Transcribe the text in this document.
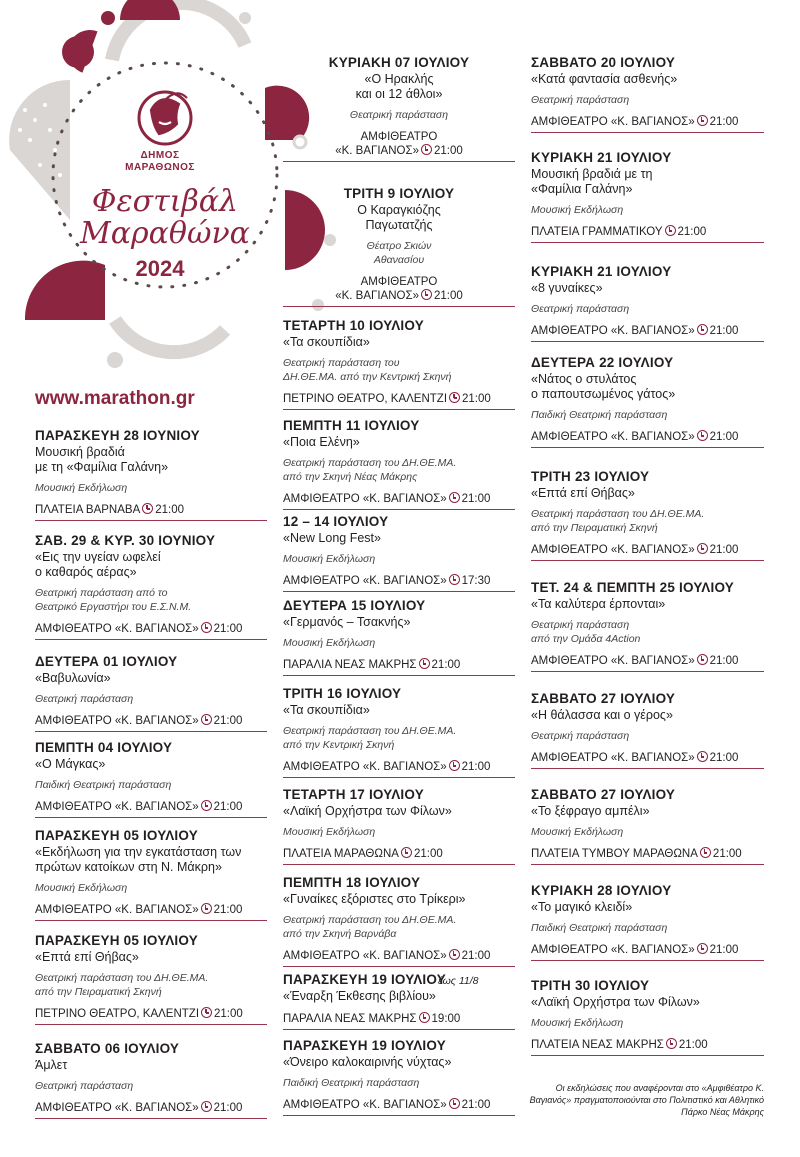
ΔΗΜΟΣ
ΜΑΡΑΘΩΝΟΣ
Φεστιβάλ
Μαραθώνα
2024
www.marathon.gr
ΠΑΡΑΣΚΕΥΗ 28 ΙΟΥΝΙΟΥ
Μουσική βραδιά
με τη «Φαμίλια Γαλάνη»
Μουσική Εκδήλωση
ΠΛΑΤΕΙΑ ΒΑΡΝΑΒΑ 21:00
ΣΑΒ. 29 & ΚΥΡ. 30 ΙΟΥΝΙΟΥ
«Εις την υγείαν ωφελεί
ο καθαρός αέρας»
Θεατρική παράσταση από το
Θεατρικό Εργαστήρι του Ε.Σ.Ν.Μ.
ΑΜΦΙΘΕΑΤΡΟ «Κ. ΒΑΓΙΑΝΟΣ» 21:00
ΔΕΥΤΕΡΑ 01 ΙΟΥΛΙΟΥ
«Βαβυλωνία»
Θεατρική παράσταση
ΑΜΦΙΘΕΑΤΡΟ «Κ. ΒΑΓΙΑΝΟΣ» 21:00
ΠΕΜΠΤΗ 04 ΙΟΥΛΙΟΥ
«Ο Μάγκας»
Παιδική Θεατρική παράσταση
ΑΜΦΙΘΕΑΤΡΟ «Κ. ΒΑΓΙΑΝΟΣ» 21:00
ΠΑΡΑΣΚΕΥΗ 05 ΙΟΥΛΙΟΥ
«Εκδήλωση για την εγκατάσταση των
πρώτων κατοίκων στη Ν. Μάκρη»
Μουσική Εκδήλωση
ΑΜΦΙΘΕΑΤΡΟ «Κ. ΒΑΓΙΑΝΟΣ» 21:00
ΠΑΡΑΣΚΕΥΗ 05 ΙΟΥΛΙΟΥ
«Επτά επί Θήβας»
Θεατρική παράσταση του ΔΗ.ΘΕ.ΜΑ.
από την Πειραματική Σκηνή
ΠΕΤΡΙΝΟ ΘΕΑΤΡΟ, ΚΑΛΕΝΤΖΙ 21:00
ΣΑΒΒΑΤΟ 06 ΙΟΥΛΙΟΥ
Άμλετ
Θεατρική παράσταση
ΑΜΦΙΘΕΑΤΡΟ «Κ. ΒΑΓΙΑΝΟΣ» 21:00
ΚΥΡΙΑΚΗ 07 ΙΟΥΛΙΟΥ
«Ο Ηρακλής
και οι 12 άθλοι»
Θεατρική παράσταση
ΑΜΦΙΘΕΑΤΡΟ
«Κ. ΒΑΓΙΑΝΟΣ» 21:00
ΤΡΙΤΗ 9 ΙΟΥΛΙΟΥ
Ο Καραγκιόζης
Παγωτατζής
Θέατρο Σκιών
Αθανασίου
ΑΜΦΙΘΕΑΤΡΟ
«Κ. ΒΑΓΙΑΝΟΣ» 21:00
ΤΕΤΑΡΤΗ 10 ΙΟΥΛΙΟΥ
«Τα σκουπίδια»
Θεατρική παράσταση του
ΔΗ.ΘΕ.ΜΑ. από την Κεντρική Σκηνή
ΠΕΤΡΙΝΟ ΘΕΑΤΡΟ, ΚΑΛΕΝΤΖΙ 21:00
ΠΕΜΠΤΗ 11 ΙΟΥΛΙΟΥ
«Ποια Ελένη»
Θεατρική παράσταση του ΔΗ.ΘΕ.ΜΑ.
από την Σκηνή Νέας Μάκρης
ΑΜΦΙΘΕΑΤΡΟ «Κ. ΒΑΓΙΑΝΟΣ» 21:00
12 – 14 ΙΟΥΛΙΟΥ
«New Long Fest»
Μουσική Εκδήλωση
ΑΜΦΙΘΕΑΤΡΟ «Κ. ΒΑΓΙΑΝΟΣ» 17:30
ΔΕΥΤΕΡΑ 15 ΙΟΥΛΙΟΥ
«Γερμανός – Τσακνής»
Μουσική Εκδήλωση
ΠΑΡΑΛΙΑ ΝΕΑΣ ΜΑΚΡΗΣ 21:00
ΤΡΙΤΗ 16 ΙΟΥΛΙΟΥ
«Τα σκουπίδια»
Θεατρική παράσταση του ΔΗ.ΘΕ.ΜΑ.
από την Κεντρική Σκηνή
ΑΜΦΙΘΕΑΤΡΟ «Κ. ΒΑΓΙΑΝΟΣ» 21:00
ΤΕΤΑΡΤΗ 17 ΙΟΥΛΙΟΥ
«Λαϊκή Ορχήστρα των Φίλων»
Μουσική Εκδήλωση
ΠΛΑΤΕΙΑ ΜΑΡΑΘΩΝΑ 21:00
ΠΕΜΠΤΗ 18 ΙΟΥΛΙΟΥ
«Γυναίκες εξόριστες στο Τρίκερι»
Θεατρική παράσταση του ΔΗ.ΘΕ.ΜΑ.
από την Σκηνή Βαρνάβα
ΑΜΦΙΘΕΑΤΡΟ «Κ. ΒΑΓΙΑΝΟΣ» 21:00
ΠΑΡΑΣΚΕΥΗ 19 ΙΟΥΛΙΟΥ
έως 11/8
«Έναρξη Έκθεσης βιβλίου»
ΠΑΡΑΛΙΑ ΝΕΑΣ ΜΑΚΡΗΣ 19:00
ΠΑΡΑΣΚΕΥΗ 19 ΙΟΥΛΙΟΥ
«Όνειρο καλοκαιρινής νύχτας»
Παιδική Θεατρική παράσταση
ΑΜΦΙΘΕΑΤΡΟ «Κ. ΒΑΓΙΑΝΟΣ» 21:00
ΣΑΒΒΑΤΟ 20 ΙΟΥΛΙΟΥ
«Κατά φαντασία ασθενής»
Θεατρική παράσταση
ΑΜΦΙΘΕΑΤΡΟ «Κ. ΒΑΓΙΑΝΟΣ» 21:00
ΚΥΡΙΑΚΗ 21 ΙΟΥΛΙΟΥ
Μουσική βραδιά με τη
«Φαμίλια Γαλάνη»
Μουσική Εκδήλωση
ΠΛΑΤΕΙΑ ΓΡΑΜΜΑΤΙΚΟΥ 21:00
ΚΥΡΙΑΚΗ 21 ΙΟΥΛΙΟΥ
«8 γυναίκες»
Θεατρική παράσταση
ΑΜΦΙΘΕΑΤΡΟ «Κ. ΒΑΓΙΑΝΟΣ» 21:00
ΔΕΥΤΕΡΑ 22 ΙΟΥΛΙΟΥ
«Νάτος ο στυλάτος
ο παπουτσωμένος γάτος»
Παιδική Θεατρική παράσταση
ΑΜΦΙΘΕΑΤΡΟ «Κ. ΒΑΓΙΑΝΟΣ» 21:00
ΤΡΙΤΗ 23 ΙΟΥΛΙΟΥ
«Επτά επί Θήβας»
Θεατρική παράσταση του ΔΗ.ΘΕ.ΜΑ.
από την Πειραματική Σκηνή
ΑΜΦΙΘΕΑΤΡΟ «Κ. ΒΑΓΙΑΝΟΣ» 21:00
ΤΕΤ. 24 & ΠΕΜΠΤΗ 25 ΙΟΥΛΙΟΥ
«Τα καλύτερα έρπονται»
Θεατρική παράσταση
από την Ομάδα 4Action
ΑΜΦΙΘΕΑΤΡΟ «Κ. ΒΑΓΙΑΝΟΣ» 21:00
ΣΑΒΒΑΤΟ 27 ΙΟΥΛΙΟΥ
«Η θάλασσα και ο γέρος»
Θεατρική παράσταση
ΑΜΦΙΘΕΑΤΡΟ «Κ. ΒΑΓΙΑΝΟΣ» 21:00
ΣΑΒΒΑΤΟ 27 ΙΟΥΛΙΟΥ
«Το ξέφραγο αμπέλι»
Μουσική Εκδήλωση
ΠΛΑΤΕΙΑ ΤΥΜΒΟΥ ΜΑΡΑΘΩΝΑ 21:00
ΚΥΡΙΑΚΗ 28 ΙΟΥΛΙΟΥ
«Το μαγικό κλειδί»
Παιδική Θεατρική παράσταση
ΑΜΦΙΘΕΑΤΡΟ «Κ. ΒΑΓΙΑΝΟΣ» 21:00
ΤΡΙΤΗ 30 ΙΟΥΛΙΟΥ
«Λαϊκή Ορχήστρα των Φίλων»
Μουσική Εκδήλωση
ΠΛΑΤΕΙΑ ΝΕΑΣ ΜΑΚΡΗΣ 21:00
Οι εκδηλώσεις που αναφέρονται στο «Αμφιθέατρο Κ. Βαγιανός» πραγματοποιούνται στο Πολιτιστικό και Αθλητικό Πάρκο Νέας Μάκρης
